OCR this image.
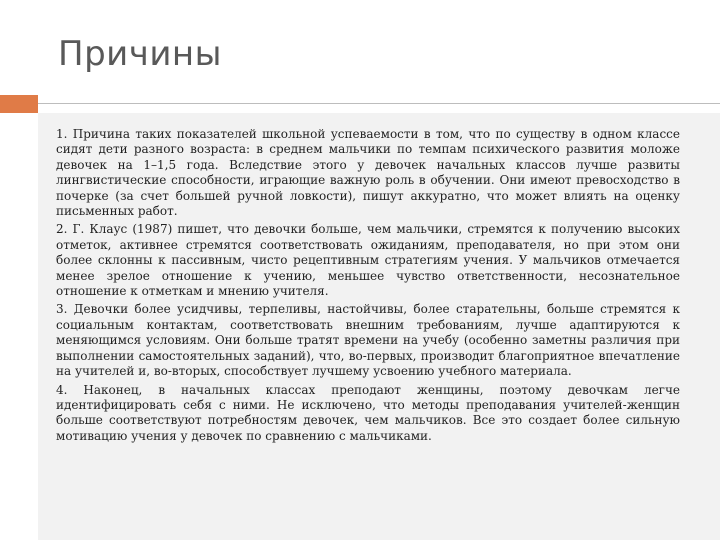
Причины

1. Причина таких показателей школьной успеваемости в том, что по существу в одном классе сидят дети разного возраста: в среднем мальчики по темпам психического развития моложе девочек на 1–1,5 года. Вследствие этого у девочек начальных классов лучше развиты лингвистические способности, играющие важную роль в обучении. Они имеют превосходство в почерке (за счет большей ручной ловкости), пишут аккуратно, что может влиять на оценку письменных работ.

2. Г. Клаус (1987) пишет, что девочки больше, чем мальчики, стремятся к получению высоких отметок, активнее стремятся соответствовать ожиданиям, преподавателя, но при этом они более склонны к пассивным, чисто рецептивным стратегиям учения. У мальчиков отмечается менее зрелое отношение к учению, меньшее чувство ответственности, несознательное отношение к отметкам и мнению учителя.

3. Девочки более усидчивы, терпеливы, настойчивы, более старательны, больше стремятся к социальным контактам, соответствовать внешним требованиям, лучше адаптируются к меняющимся условиям. Они больше тратят времени на учебу (особенно заметны различия при выполнении самостоятельных заданий), что, во-первых, производит благоприятное впечатление на учителей и, во-вторых, способствует лучшему усвоению учебного материала.

4. Наконец, в начальных классах преподают женщины, поэтому девочкам легче идентифицировать себя с ними. Не исключено, что методы преподавания учителей-женщин больше соответствуют потребностям девочек, чем мальчиков. Все это создает более сильную мотивацию учения у девочек по сравнению с мальчиками.
